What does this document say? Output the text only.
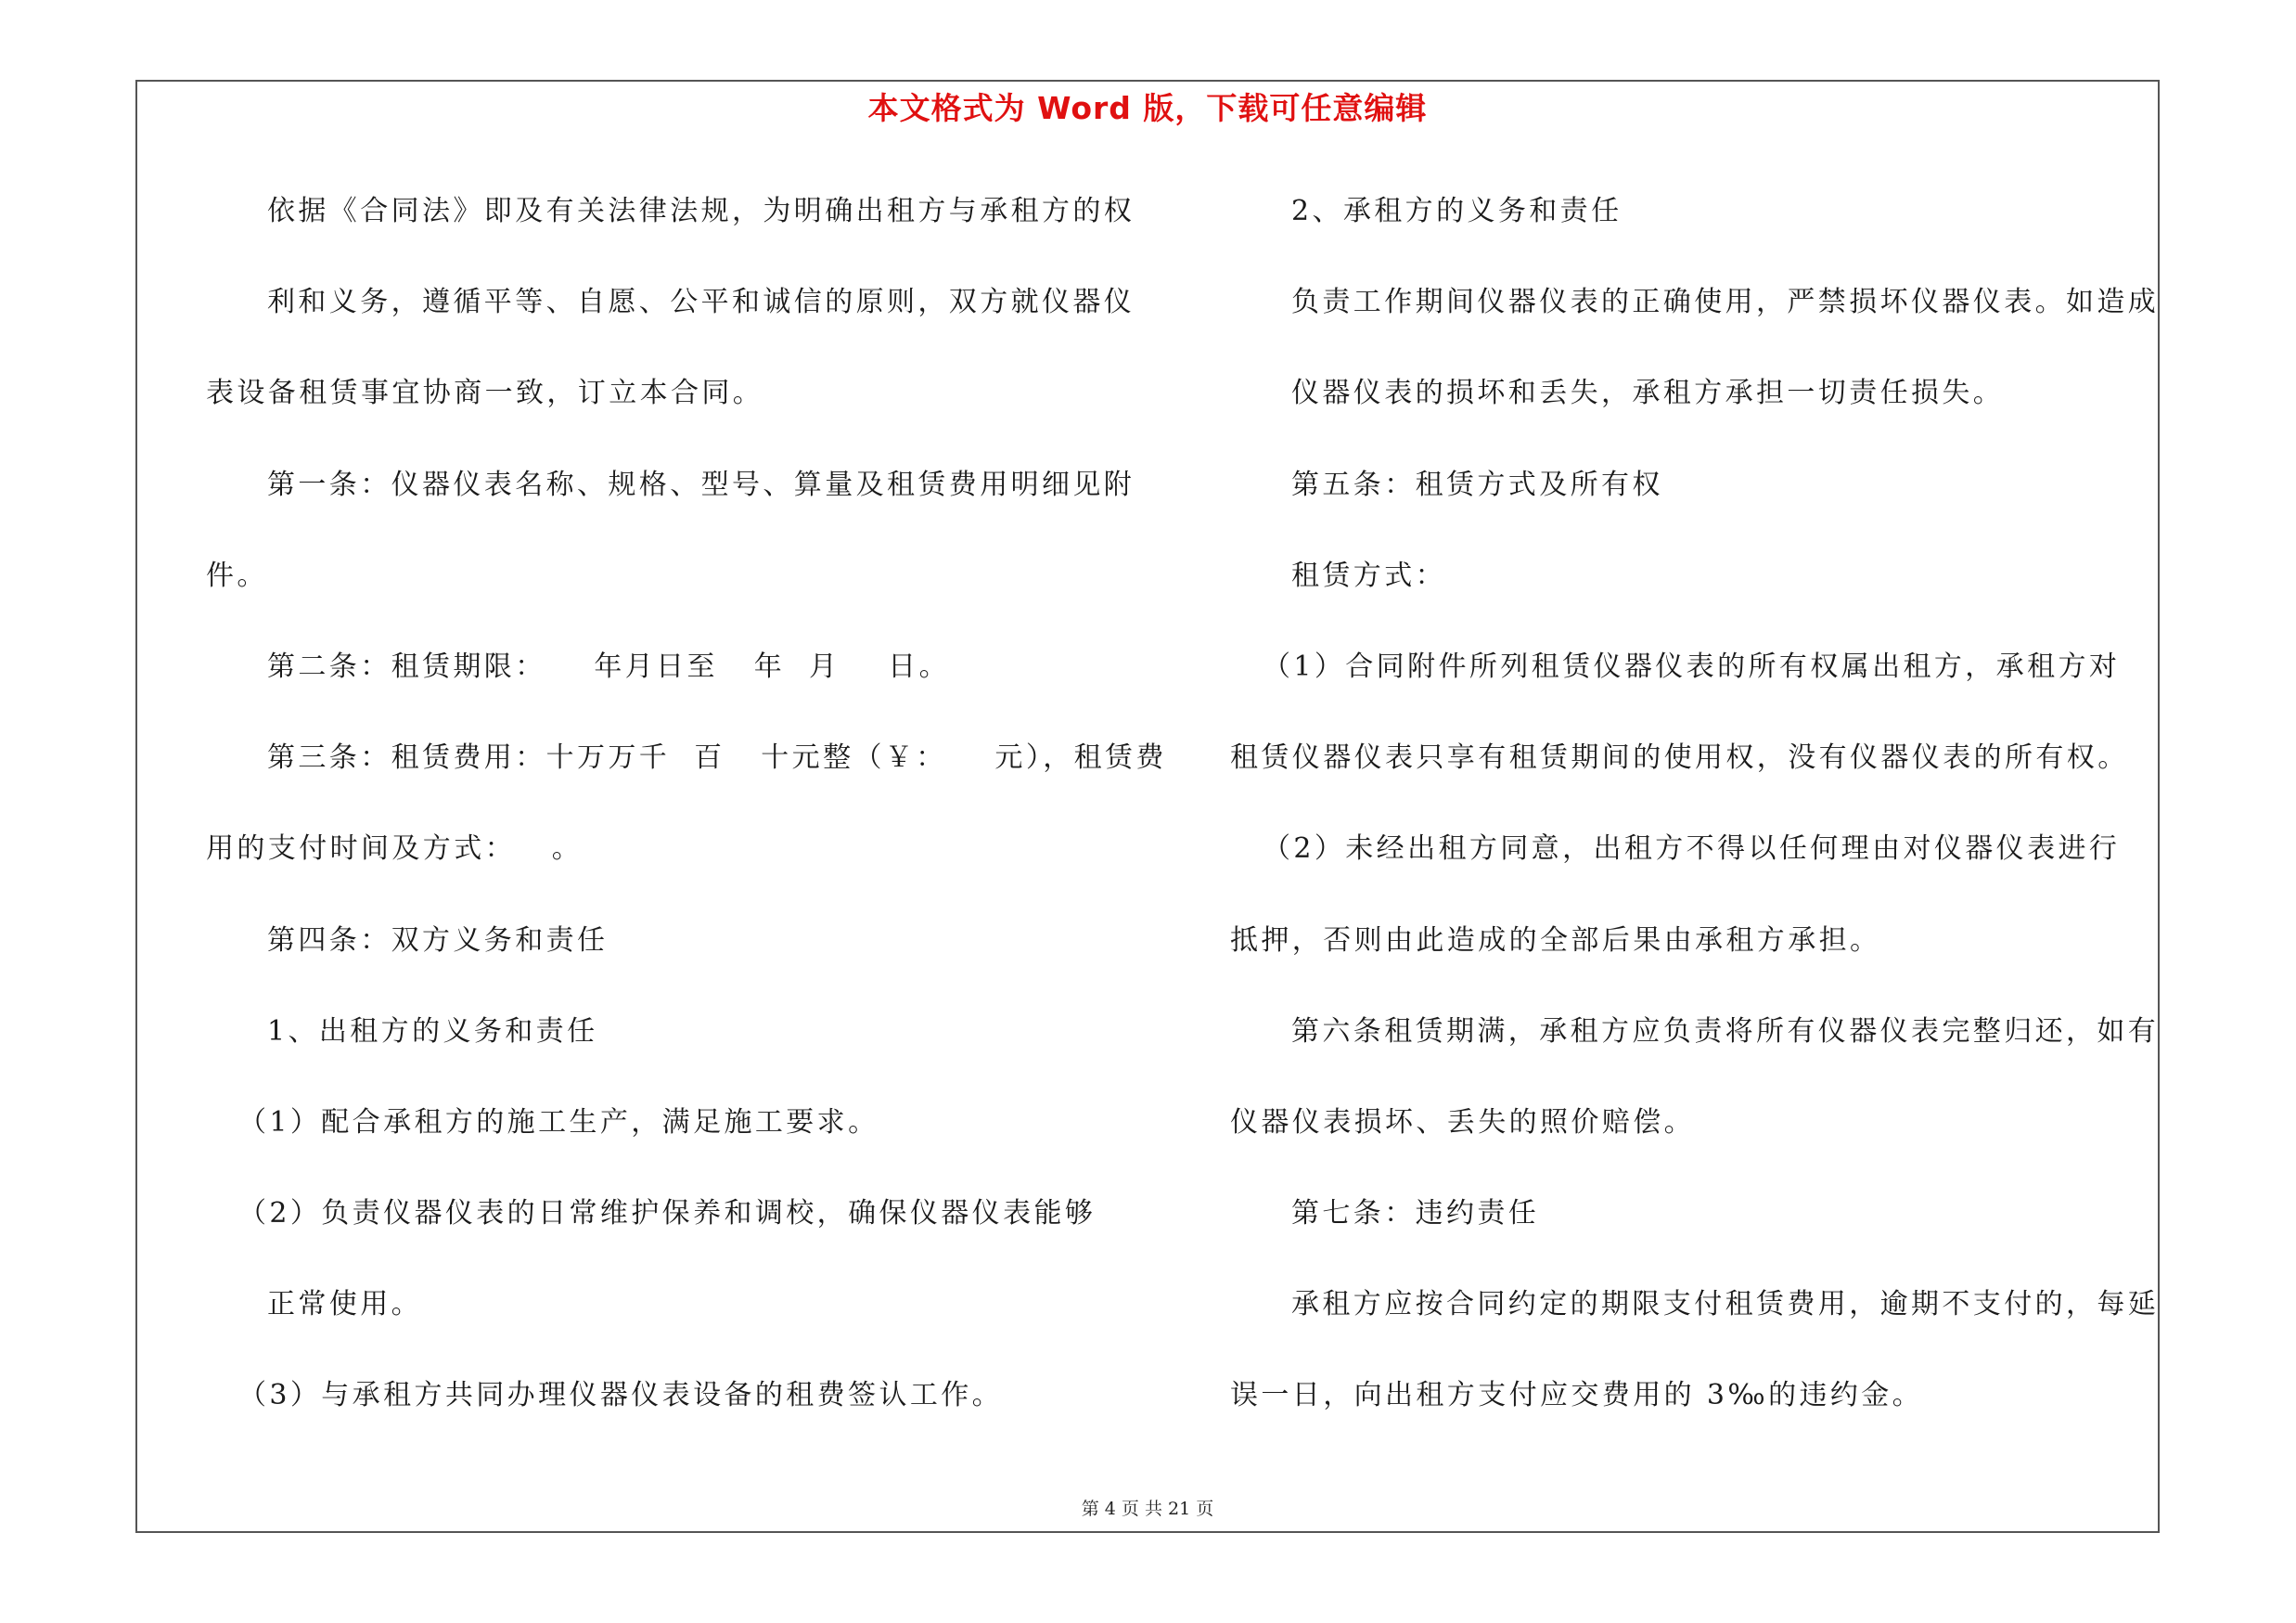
本文格式为 Word 版，下载可任意编辑
依据《合同法》即及有关法律法规，为明确出租方与承租方的权
利和义务，遵循平等、自愿、公平和诚信的原则，双方就仪器仪
表设备租赁事宜协商一致，订立本合同。
第一条：仪器仪表名称、规格、型号、算量及租赁费用明细见附
件。
第二条：租赁期限：    年月日至   年  月    日。
第三条：租赁费用：十万万千  百   十元整（￥：    元），租赁费
用的支付时间及方式：   。
第四条：双方义务和责任
1、出租方的义务和责任
（1）配合承租方的施工生产，满足施工要求。
（2）负责仪器仪表的日常维护保养和调校，确保仪器仪表能够
正常使用。
（3）与承租方共同办理仪器仪表设备的租费签认工作。
2、承租方的义务和责任
负责工作期间仪器仪表的正确使用，严禁损坏仪器仪表。如造成
仪器仪表的损坏和丢失，承租方承担一切责任损失。
第五条：租赁方式及所有权
租赁方式：
（1）合同附件所列租赁仪器仪表的所有权属出租方，承租方对
租赁仪器仪表只享有租赁期间的使用权，没有仪器仪表的所有权。
（2）未经出租方同意，出租方不得以任何理由对仪器仪表进行
抵押，否则由此造成的全部后果由承租方承担。
第六条租赁期满，承租方应负责将所有仪器仪表完整归还，如有
仪器仪表损坏、丢失的照价赔偿。
第七条：违约责任
承租方应按合同约定的期限支付租赁费用，逾期不支付的，每延
误一日，向出租方支付应交费用的 3‰的违约金。
第 4 页 共 21 页
